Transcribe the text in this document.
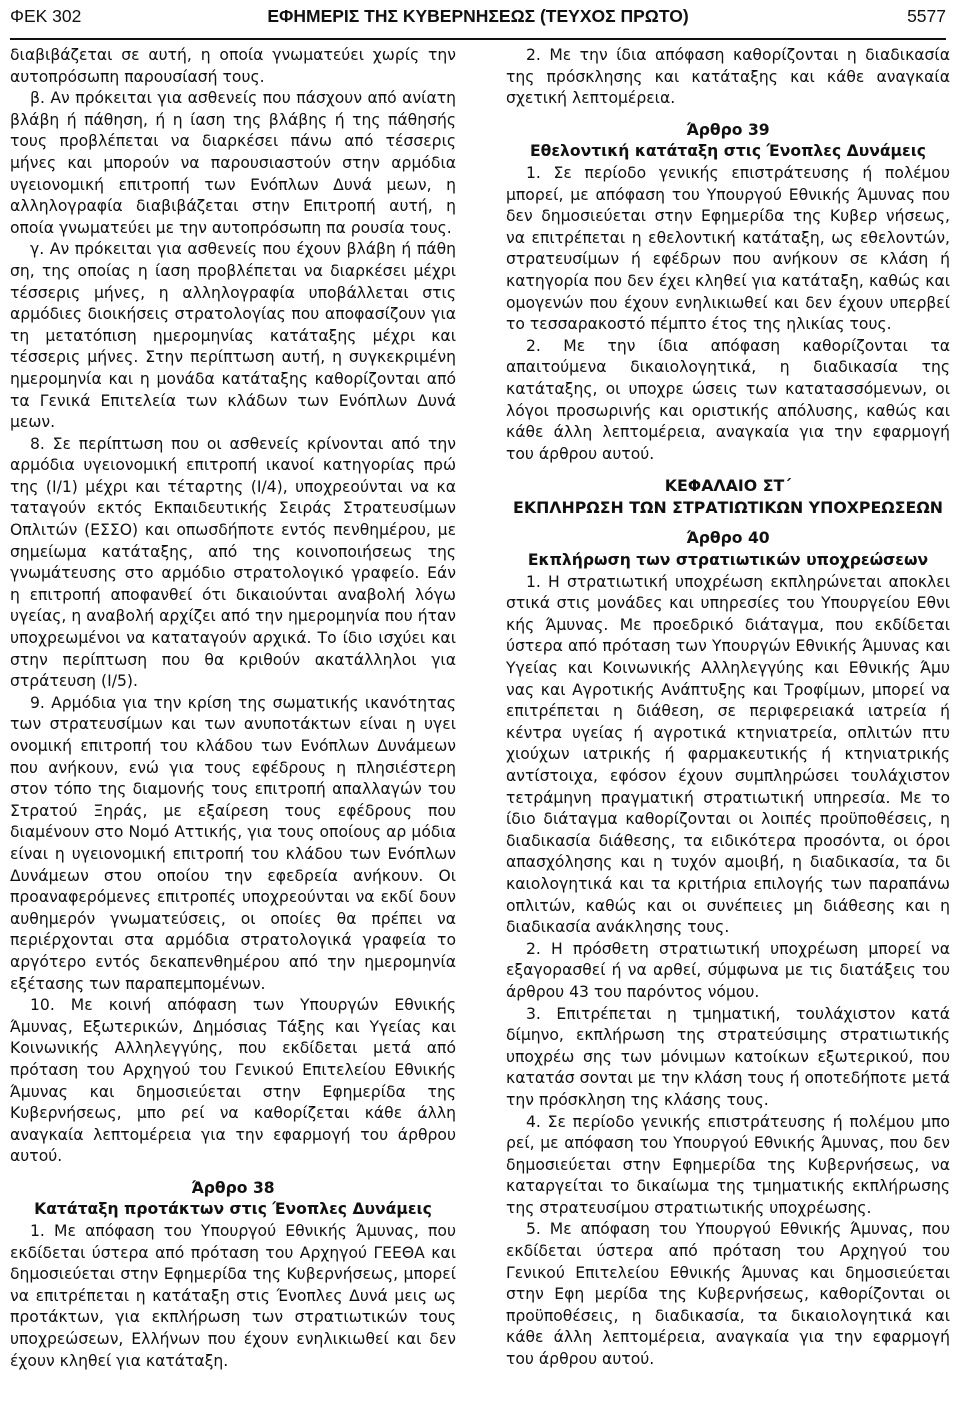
ΦΕΚ 302	ΕΦΗΜΕΡΙΣ ΤΗΣ ΚΥΒΕΡΝΗΣΕΩΣ (ΤΕΥΧΟΣ ΠΡΩΤΟ)	5577

διαβιβάζεται σε αυτή, η οποία γνωματεύει χωρίς την αυτοπρόσωπη παρουσίασή τους.

β. Αν πρόκειται για ασθενείς που πάσχουν από ανίατη βλάβη ή πάθηση, ή η ίαση της βλάβης ή της πάθησής τους προβλέπεται να διαρκέσει πάνω από τέσσερις μήνες και μπορούν να παρουσιαστούν στην αρμόδια υγειονομική επιτροπή των Ενόπλων Δυνά μεων, η αλληλογραφία διαβιβάζεται στην Επιτροπή αυτή, η οποία γνωματεύει με την αυτοπρόσωπη πα ρουσία τους.

γ. Αν πρόκειται για ασθενείς που έχουν βλάβη ή πάθη ση, της οποίας η ίαση προβλέπεται να διαρκέσει μέχρι τέσσερις μήνες, η αλληλογραφία υποβάλλεται στις αρμόδιες διοικήσεις στρατολογίας που αποφασίζουν για τη μετατόπιση ημερομηνίας κατάταξης μέχρι και τέσσερις μήνες. Στην περίπτωση αυτή, η συγκεκριμένη ημερομηνία και η μονάδα κατάταξης καθορίζονται από τα Γενικά Επιτελεία των κλάδων των Ενόπλων Δυνά μεων.

8. Σε περίπτωση που οι ασθενείς κρίνονται από την αρμόδια υγειονομική επιτροπή ικανοί κατηγορίας πρώ της (Ι/1) μέχρι και τέταρτης (Ι/4), υποχρεούνται να κα ταταγούν εκτός Εκπαιδευτικής Σειράς Στρατευσίμων Οπλιτών (ΕΣΣΟ) και οπωσδήποτε εντός πενθημέρου, με σημείωμα κατάταξης, από της κοινοποιήσεως της γνωμάτευσης στο αρμόδιο στρατολογικό γραφείο. Εάν η επιτροπή αποφανθεί ότι δικαιούνται αναβολή λόγω υγείας, η αναβολή αρχίζει από την ημερομηνία που ήταν υποχρεωμένοι να καταταγούν αρχικά. Το ίδιο ισχύει και στην περίπτωση που θα κριθούν ακατάλληλοι για στράτευση (Ι/5).

9. Αρμόδια για την κρίση της σωματικής ικανότητας των στρατευσίμων και των ανυποτάκτων είναι η υγει ονομική επιτροπή του κλάδου των Ενόπλων Δυνάμεων που ανήκουν, ενώ για τους εφέδρους η πλησιέστερη στον τόπο της διαμονής τους επιτροπή απαλλαγών του Στρατού Ξηράς, με εξαίρεση τους εφέδρους που διαμένουν στο Νομό Αττικής, για τους οποίους αρ μόδια είναι η υγειονομική επιτροπή του κλάδου των Ενόπλων Δυνάμεων στου οποίου την εφεδρεία ανήκουν. Οι προαναφερόμενες επιτροπές υποχρεούνται να εκδί δουν αυθημερόν γνωματεύσεις, οι οποίες θα πρέπει να περιέρχονται στα αρμόδια στρατολογικά γραφεία το αργότερο εντός δεκαπενθημέρου από την ημερομηνία εξέτασης των παραπεμπομένων.

10. Με κοινή απόφαση των Υπουργών Εθνικής Άμυνας, Εξωτερικών, Δημόσιας Τάξης και Υγείας και Κοινωνικής Αλληλεγγύης, που εκδίδεται μετά από πρόταση του Αρχηγού του Γενικού Επιτελείου Εθνικής Άμυνας και δημοσιεύεται στην Εφημερίδα της Κυβερνήσεως, μπο ρεί να καθορίζεται κάθε άλλη αναγκαία λεπτομέρεια για την εφαρμογή του άρθρου αυτού.

Άρθρο 38

Κατάταξη προτάκτων στις Ένοπλες Δυνάμεις

1. Με απόφαση του Υπουργού Εθνικής Άμυνας, που εκδίδεται ύστερα από πρόταση του Αρχηγού ΓΕΕΘΑ και δημοσιεύεται στην Εφημερίδα της Κυβερνήσεως, μπορεί να επιτρέπεται η κατάταξη στις Ένοπλες Δυνά μεις ως προτάκτων, για εκπλήρωση των στρατιωτικών τους υποχρεώσεων, Ελλήνων που έχουν ενηλικιωθεί και δεν έχουν κληθεί για κατάταξη.

2. Με την ίδια απόφαση καθορίζονται η διαδικασία της πρόσκλησης και κατάταξης και κάθε αναγκαία σχετική λεπτομέρεια.

Άρθρο 39

Εθελοντική κατάταξη στις Ένοπλες Δυνάμεις

1. Σε περίοδο γενικής επιστράτευσης ή πολέμου μπορεί, με απόφαση του Υπουργού Εθνικής Άμυνας που δεν δημοσιεύεται στην Εφημερίδα της Κυβερ νήσεως, να επιτρέπεται η εθελοντική κατάταξη, ως εθελοντών, στρατευσίμων ή εφέδρων που ανήκουν σε κλάση ή κατηγορία που δεν έχει κληθεί για κατάταξη, καθώς και ομογενών που έχουν ενηλικιωθεί και δεν έχουν υπερβεί το τεσσαρακοστό πέμπτο έτος της ηλικίας τους.

2. Με την ίδια απόφαση καθορίζονται τα απαιτούμενα δικαιολογητικά, η διαδικασία της κατάταξης, οι υποχρε ώσεις των κατατασσόμενων, οι λόγοι προσωρινής και οριστικής απόλυσης, καθώς και κάθε άλλη λεπτομέρεια, αναγκαία για την εφαρμογή του άρθρου αυτού.

ΚΕΦΑΛΑΙΟ ΣΤ΄

ΕΚΠΛΗΡΩΣΗ ΤΩΝ ΣΤΡΑΤΙΩΤΙΚΩΝ ΥΠΟΧΡΕΩΣΕΩΝ

Άρθρο 40

Εκπλήρωση των στρατιωτικών υποχρεώσεων

1. Η στρατιωτική υποχρέωση εκπληρώνεται αποκλει στικά στις μονάδες και υπηρεσίες του Υπουργείου Εθνι κής Άμυνας. Με προεδρικό διάταγμα, που εκδίδεται ύστερα από πρόταση των Υπουργών Εθνικής Άμυνας και Υγείας και Κοινωνικής Αλληλεγγύης και Εθνικής Άμυ νας και Αγροτικής Ανάπτυξης και Τροφίμων, μπορεί να επιτρέπεται η διάθεση, σε περιφερειακά ιατρεία ή κέντρα υγείας ή αγροτικά κτηνιατρεία, οπλιτών πτυ χιούχων ιατρικής ή φαρμακευτικής ή κτηνιατρικής αντίστοιχα, εφόσον έχουν συμπληρώσει τουλάχιστον τετράμηνη πραγματική στρατιωτική υπηρεσία. Με το ίδιο διάταγμα καθορίζονται οι λοιπές προϋποθέσεις, η διαδικασία διάθεσης, τα ειδικότερα προσόντα, οι όροι απασχόλησης και η τυχόν αμοιβή, η διαδικασία, τα δι καιολογητικά και τα κριτήρια επιλογής των παραπάνω οπλιτών, καθώς και οι συνέπειες μη διάθεσης και η διαδικασία ανάκλησης τους.

2. Η πρόσθετη στρατιωτική υποχρέωση μπορεί να εξαγορασθεί ή να αρθεί, σύμφωνα με τις διατάξεις του άρθρου 43 του παρόντος νόμου.

3. Επιτρέπεται η τμηματική, τουλάχιστον κατά δίμηνο, εκπλήρωση της στρατεύσιμης στρατιωτικής υποχρέω σης των μόνιμων κατοίκων εξωτερικού, που κατατάσ σονται με την κλάση τους ή οποτεδήποτε μετά την πρόσκληση της κλάσης τους.

4. Σε περίοδο γενικής επιστράτευσης ή πολέμου μπο ρεί, με απόφαση του Υπουργού Εθνικής Άμυνας, που δεν δημοσιεύεται στην Εφημερίδα της Κυβερνήσεως, να καταργείται το δικαίωμα της τμηματικής εκπλήρωσης της στρατευσίμου στρατιωτικής υποχρέωσης.

5. Με απόφαση του Υπουργού Εθνικής Άμυνας, που εκδίδεται ύστερα από πρόταση του Αρχηγού του Γενικού Επιτελείου Εθνικής Άμυνας και δημοσιεύεται στην Εφη μερίδα της Κυβερνήσεως, καθορίζονται οι προϋποθέσεις, η διαδικασία, τα δικαιολογητικά και κάθε άλλη λεπτομέρεια, αναγκαία για την εφαρμογή του άρθρου αυτού.
